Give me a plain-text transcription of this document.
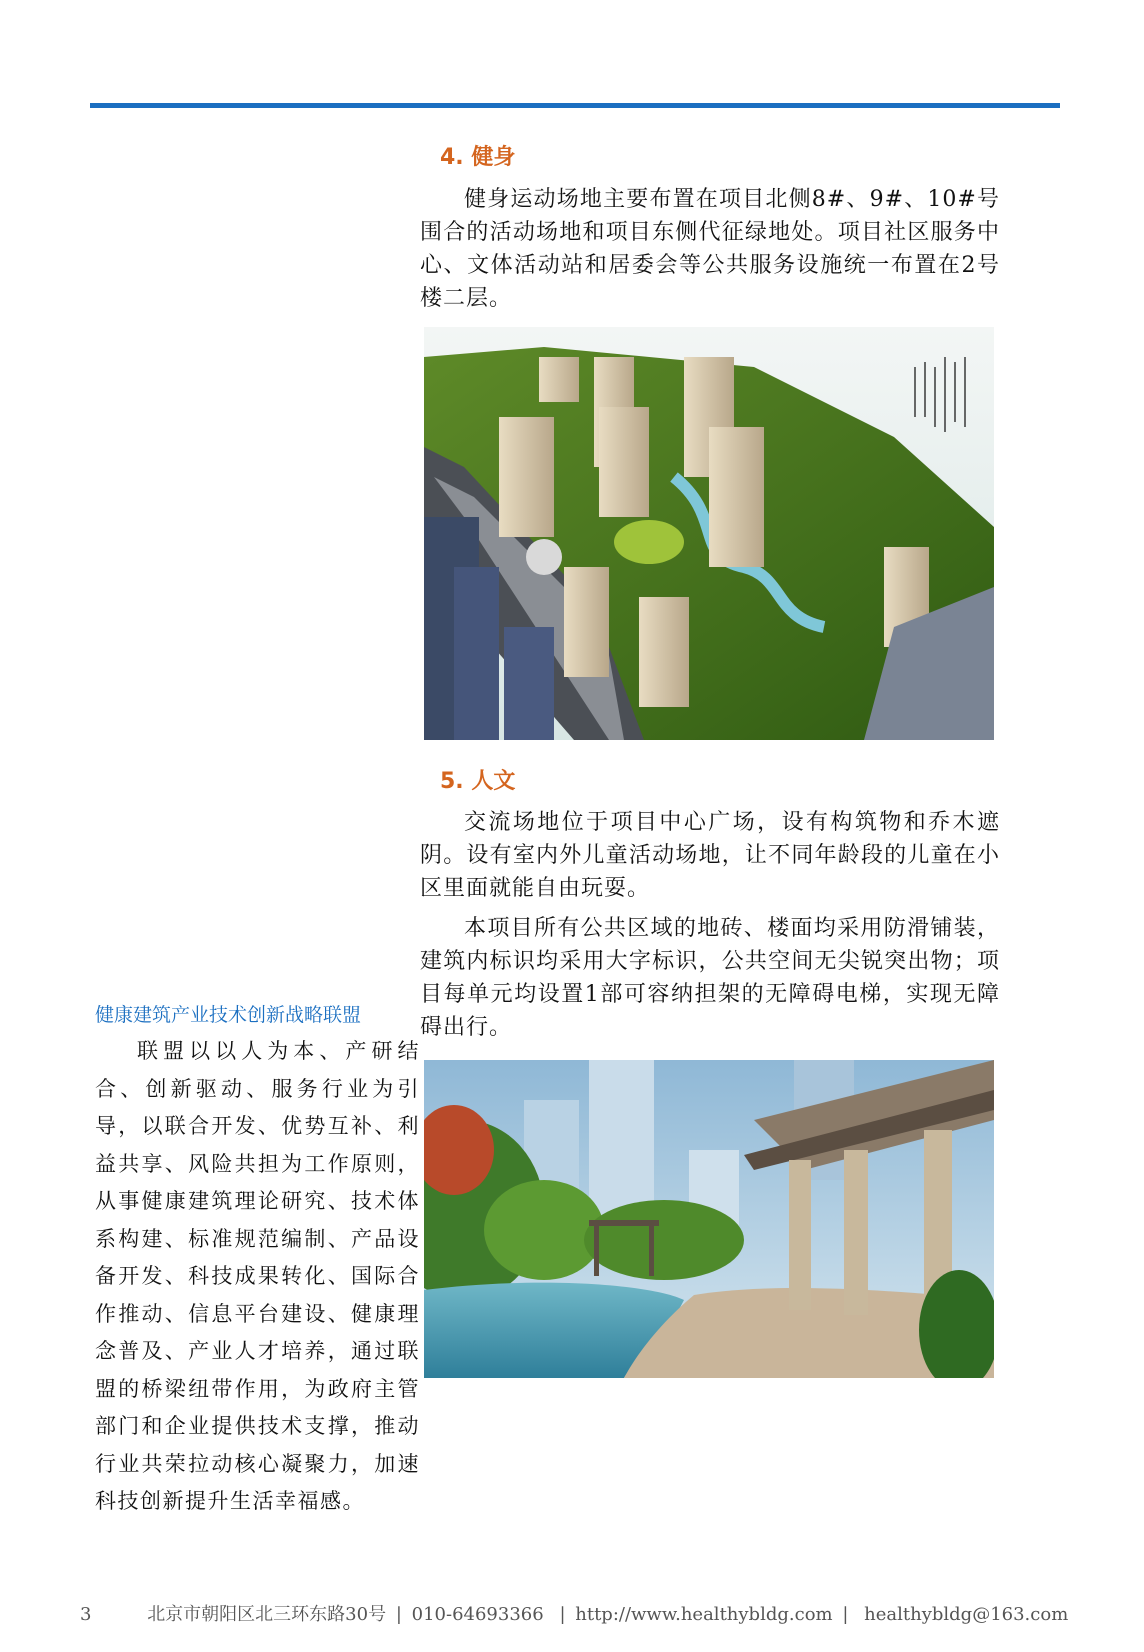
4. 健身

健身运动场地主要布置在项目北侧8#、9#、10#号围合的活动场地和项目东侧代征绿地处。项目社区服务中心、文体活动站和居委会等公共服务设施统一布置在2号楼二层。

5. 人文

交流场地位于项目中心广场，设有构筑物和乔木遮阴。设有室内外儿童活动场地，让不同年龄段的儿童在小区里面就能自由玩耍。

本项目所有公共区域的地砖、楼面均采用防滑铺装，建筑内标识均采用大字标识，公共空间无尖锐突出物；项目每单元均设置1部可容纳担架的无障碍电梯，实现无障碍出行。

健康建筑产业技术创新战略联盟

联盟以以人为本、产研结合、创新驱动、服务行业为引导，以联合开发、优势互补、利益共享、风险共担为工作原则，从事健康建筑理论研究、技术体系构建、标准规范编制、产品设备开发、科技成果转化、国际合作推动、信息平台建设、健康理念普及、产业人才培养，通过联盟的桥梁纽带作用，为政府主管部门和企业提供技术支撑，推动行业共荣拉动核心凝聚力，加速科技创新提升生活幸福感。

3	北京市朝阳区北三环东路30号 | 010-64693366 | http://www.healthybldg.com | healthybldg@163.com
